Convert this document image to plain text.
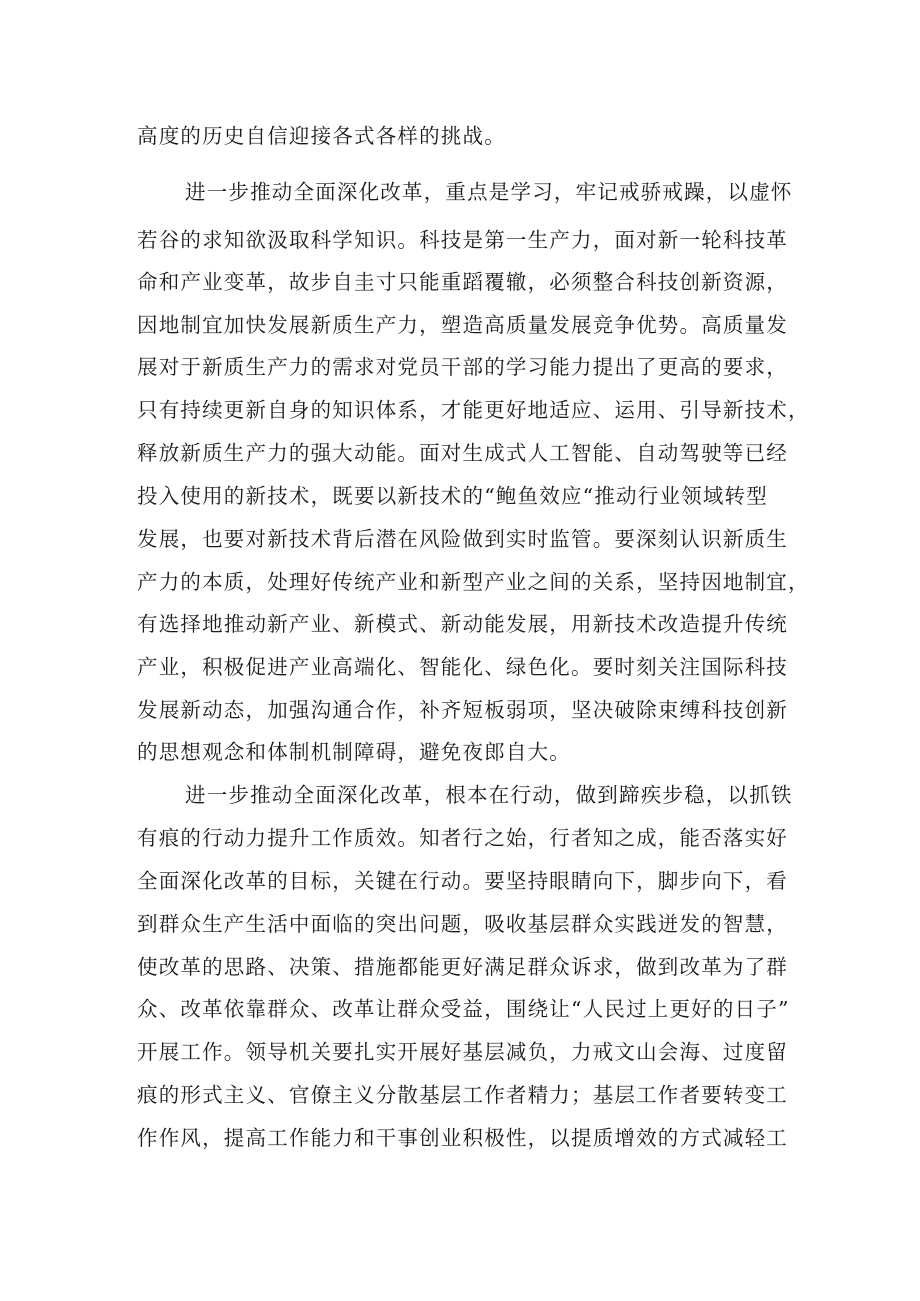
高度的历史自信迎接各式各样的挑战。
进一步推动全面深化改革，重点是学习，牢记戒骄戒躁，以虚怀
若谷的求知欲汲取科学知识。科技是第一生产力，面对新一轮科技革
命和产业变革，故步自圭寸只能重蹈覆辙，必须整合科技创新资源，
因地制宜加快发展新质生产力，塑造高质量发展竞争优势。高质量发
展对于新质生产力的需求对党员干部的学习能力提出了更高的要求，
只有持续更新自身的知识体系，才能更好地适应、运用、引导新技术，
释放新质生产力的强大动能。面对生成式人工智能、自动驾驶等已经
投入使用的新技术，既要以新技术的“鲍鱼效应“推动行业领域转型
发展，也要对新技术背后潜在风险做到实时监管。要深刻认识新质生
产力的本质，处理好传统产业和新型产业之间的关系，坚持因地制宜，
有选择地推动新产业、新模式、新动能发展，用新技术改造提升传统
产业，积极促进产业高端化、智能化、绿色化。要时刻关注国际科技
发展新动态，加强沟通合作，补齐短板弱项，坚决破除束缚科技创新
的思想观念和体制机制障碍，避免夜郎自大。
进一步推动全面深化改革，根本在行动，做到蹄疾步稳，以抓铁
有痕的行动力提升工作质效。知者行之始，行者知之成，能否落实好
全面深化改革的目标，关键在行动。要坚持眼睛向下，脚步向下，看
到群众生产生活中面临的突出问题，吸收基层群众实践迸发的智慧，
使改革的思路、决策、措施都能更好满足群众诉求，做到改革为了群
众、改革依靠群众、改革让群众受益，围绕让“人民过上更好的日子”
开展工作。领导机关要扎实开展好基层减负，力戒文山会海、过度留
痕的形式主义、官僚主义分散基层工作者精力；基层工作者要转变工
作作风，提高工作能力和干事创业积极性，以提质增效的方式减轻工
